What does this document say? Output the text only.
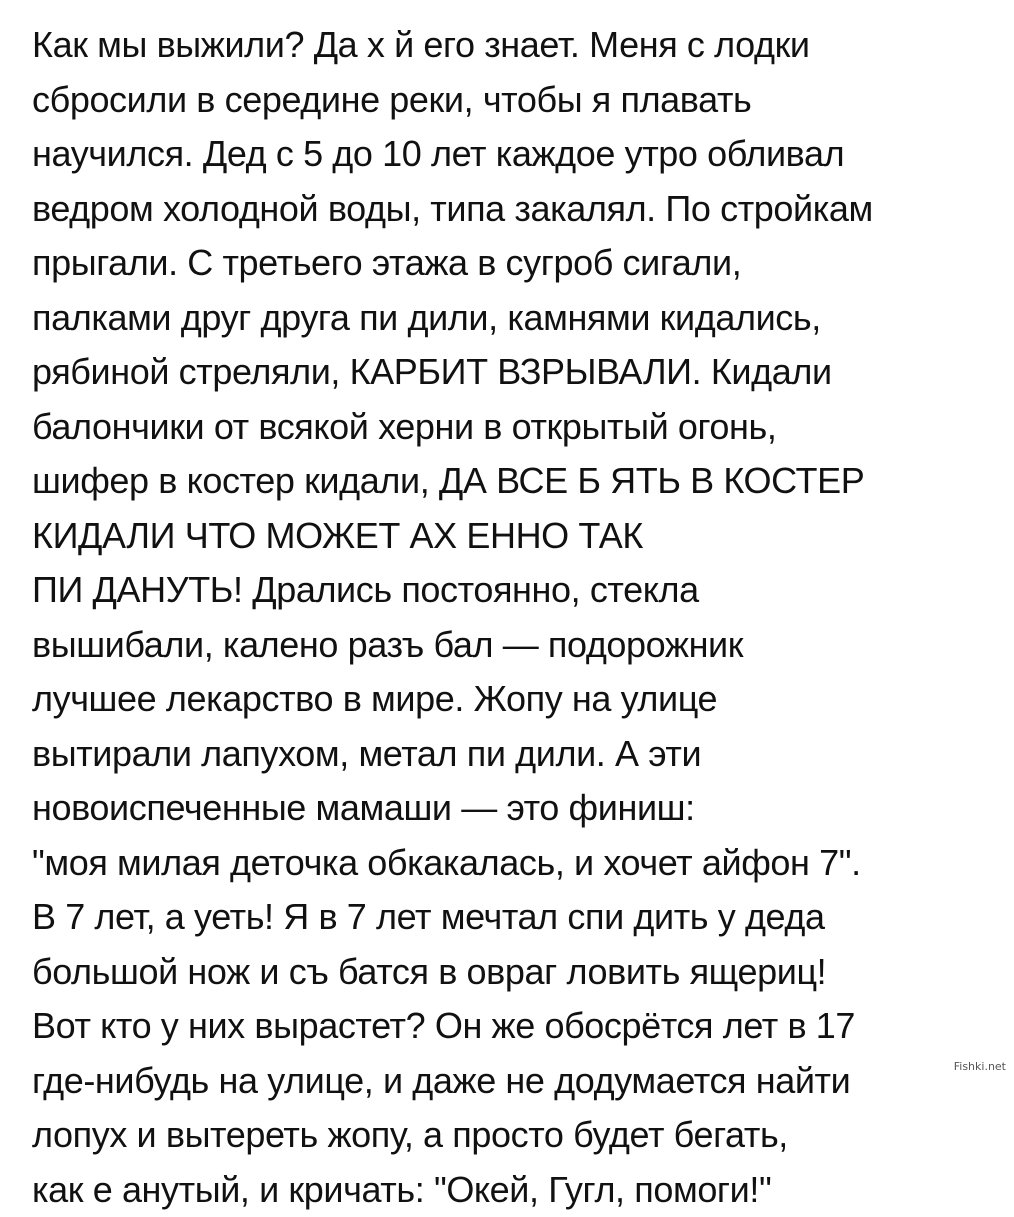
Как мы выжили? Да х й его знает. Меня с лодки
сбросили в середине реки, чтобы я плавать
научился. Дед с 5 до 10 лет каждое утро обливал
ведром холодной воды, типа закалял. По стройкам
прыгали. С третьего этажа в сугроб сигали,
палками друг друга пи дили, камнями кидались,
рябиной стреляли, КАРБИТ ВЗРЫВАЛИ. Кидали
балончики от всякой херни в открытый огонь,
шифер в костер кидали, ДА ВСЕ Б ЯТЬ В КОСТЕР
КИДАЛИ ЧТО МОЖЕТ АХ ЕННО ТАК
ПИ ДАНУТЬ! Дрались постоянно, стекла
вышибали, калено разъ бал — подорожник
лучшее лекарство в мире. Жопу на улице
вытирали лапухом, метал пи дили. А эти
новоиспеченные мамаши — это финиш:
"моя милая деточка обкакалась, и хочет айфон 7".
В 7 лет, а уеть! Я в 7 лет мечтал спи дить у деда
большой нож и съ батся в овраг ловить ящериц!
Вот кто у них вырастет? Он же обосрётся лет в 17
где-нибудь на улице, и даже не додумается найти
лопух и вытереть жопу, а просто будет бегать,
как е анутый, и кричать: "Окей, Гугл, помоги!"
Fishki.net
